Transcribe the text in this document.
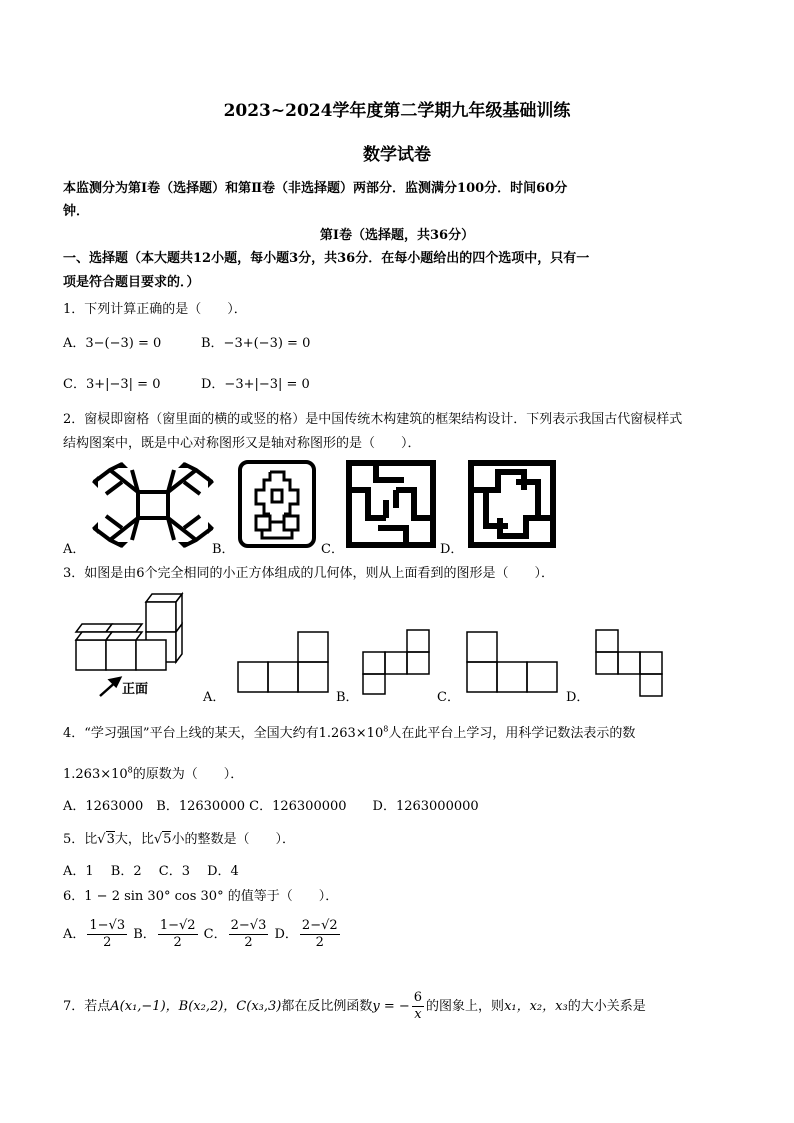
2023~2024学年度第二学期九年级基础训练
数学试卷
本监测分为第Ⅰ卷（选择题）和第Ⅱ卷（非选择题）两部分．监测满分100分．时间60分
钟．
第Ⅰ卷（选择题，共36分）
一、选择题（本大题共12小题，每小题3分，共36分．在每小题给出的四个选项中，只有一
项是符合题目要求的．）
1．下列计算正确的是（　　）．
A．3−(−3) = 0	B．−3+(−3) = 0
C．3+|−3| = 0	D．−3+|−3| = 0
2．窗棂即窗格（窗里面的横的或竖的格）是中国传统木构建筑的框架结构设计．下列表示我国古代窗棂样式
结构图案中，既是中心对称图形又是轴对称图形的是（　　）．
A．	B．	C．	D．
3．如图是由6个完全相同的小正方体组成的几何体，则从上面看到的图形是（　　）．
正面
A．	B．	C．	D．
4．“学习强国”平台上线的某天，全国大约有$1.263\times 10^8$人在此平台上学习，用科学记数法表示的数
$1.263\times 10^8$的原数为（　　）．
A．1263000　B．12630000 C．126300000　　D．1263000000
5．比√3大，比√5小的整数是（　　）．
A．1　 B．2　 C．3　 D．4
6．1 − 2 sin 30° cos 30° 的值等于（　　）．
A． $\frac{1-√3}{2}$ B． $\frac{1-√2}{2}$ C． $\frac{2-√3}{2}$ D． $\frac{2-√2}{2}$
7．若点A(x₁,−1)，B(x₂,2)，C(x₃,3)都在反比例函数y = − $\frac{6}{x}$ 的图象上，则x₁，x₂，x₃的大小关系是
